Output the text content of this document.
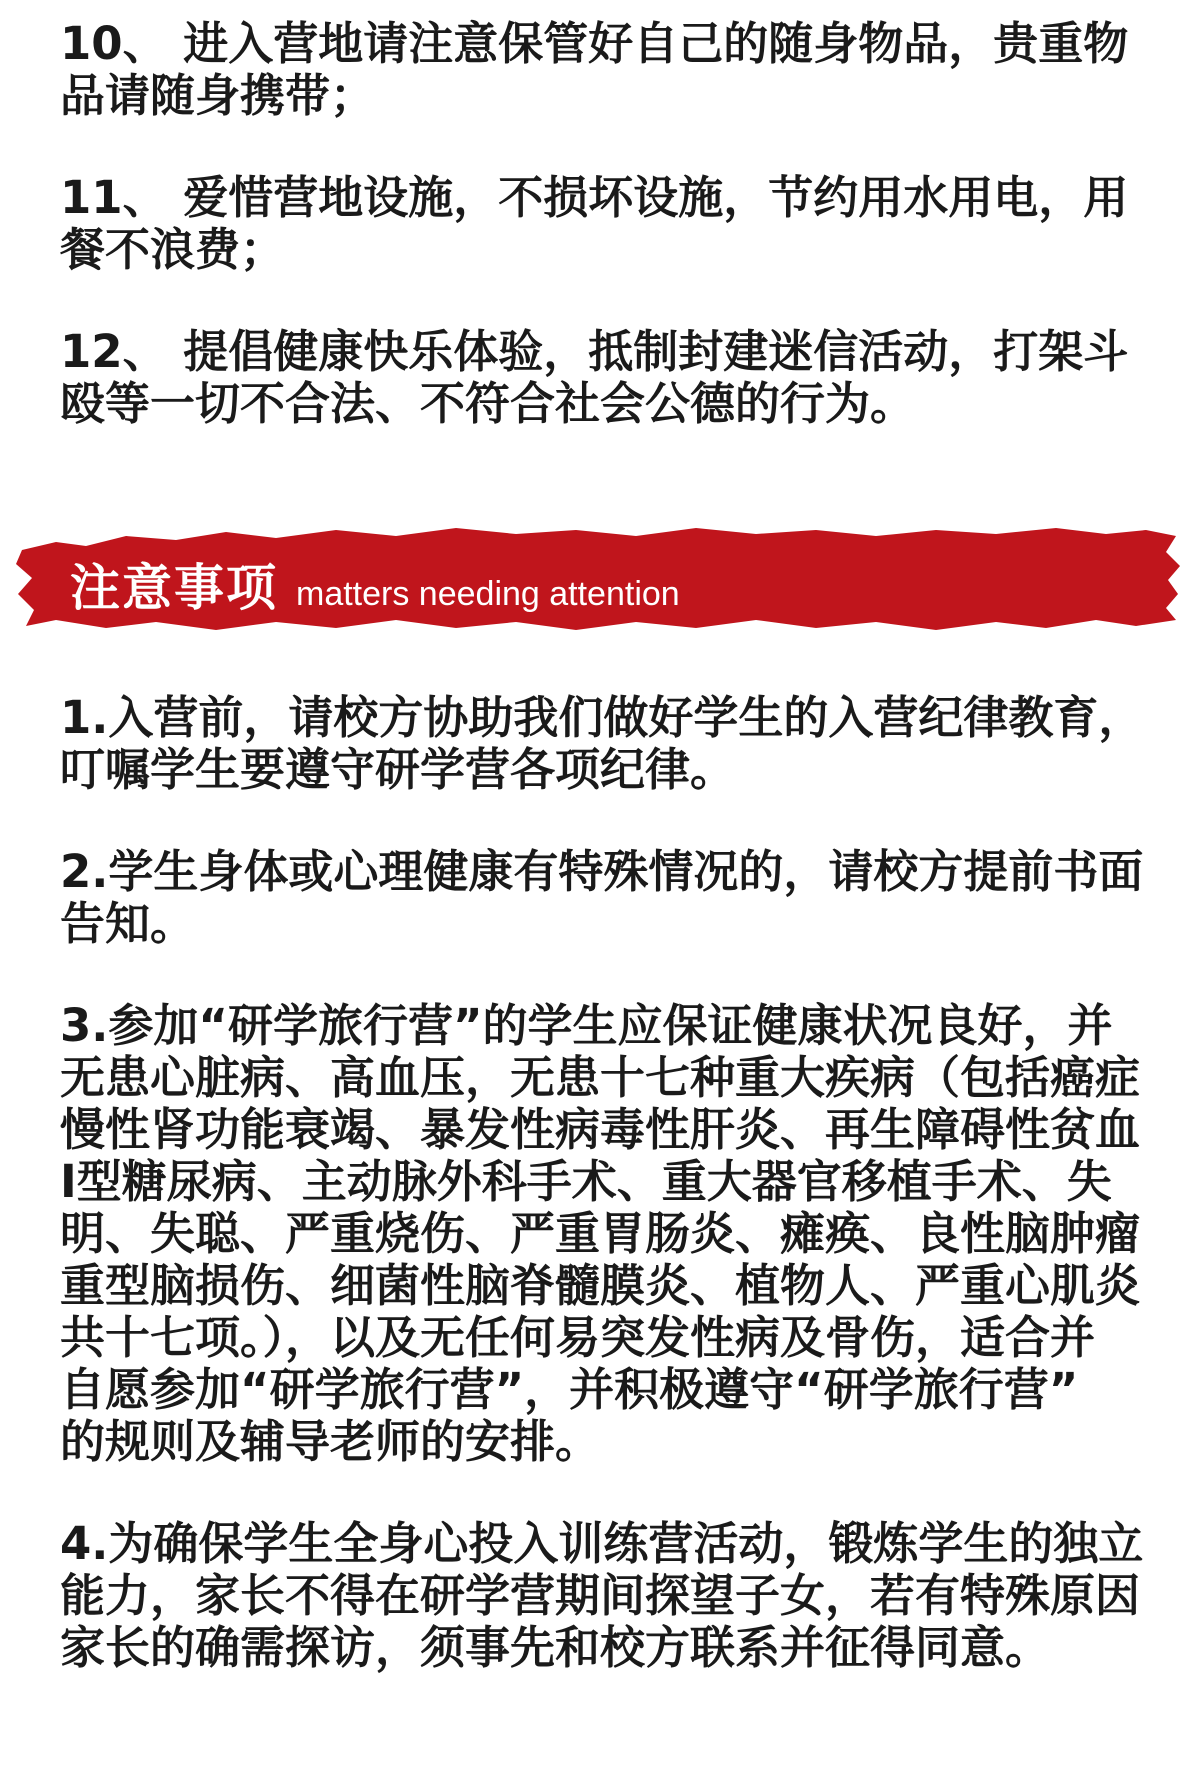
10、 进入营地请注意保管好自己的随身物品，贵重物
品请随身携带；

11、 爱惜营地设施，不损坏设施，节约用水用电，用
餐不浪费；

12、 提倡健康快乐体验，抵制封建迷信活动，打架斗
殴等一切不合法、不符合社会公德的行为。

注意事项 matters needing attention

1.入营前，请校方协助我们做好学生的入营纪律教育，
叮嘱学生要遵守研学营各项纪律。

2.学生身体或心理健康有特殊情况的，请校方提前书面
告知。

3.参加“研学旅行营”的学生应保证健康状况良好，并
无患心脏病、高血压，无患十七种重大疾病（包括癌症
慢性肾功能衰竭、暴发性病毒性肝炎、再生障碍性贫血
Ⅰ型糖尿病、主动脉外科手术、重大器官移植手术、失
明、失聪、严重烧伤、严重胃肠炎、瘫痪、良性脑肿瘤
重型脑损伤、细菌性脑脊髓膜炎、植物人、严重心肌炎
共十七项。），以及无任何易突发性病及骨伤，适合并
自愿参加“研学旅行营”，并积极遵守“研学旅行营”
的规则及辅导老师的安排。

4.为确保学生全身心投入训练营活动，锻炼学生的独立
能力，家长不得在研学营期间探望子女，若有特殊原因
家长的确需探访，须事先和校方联系并征得同意。
